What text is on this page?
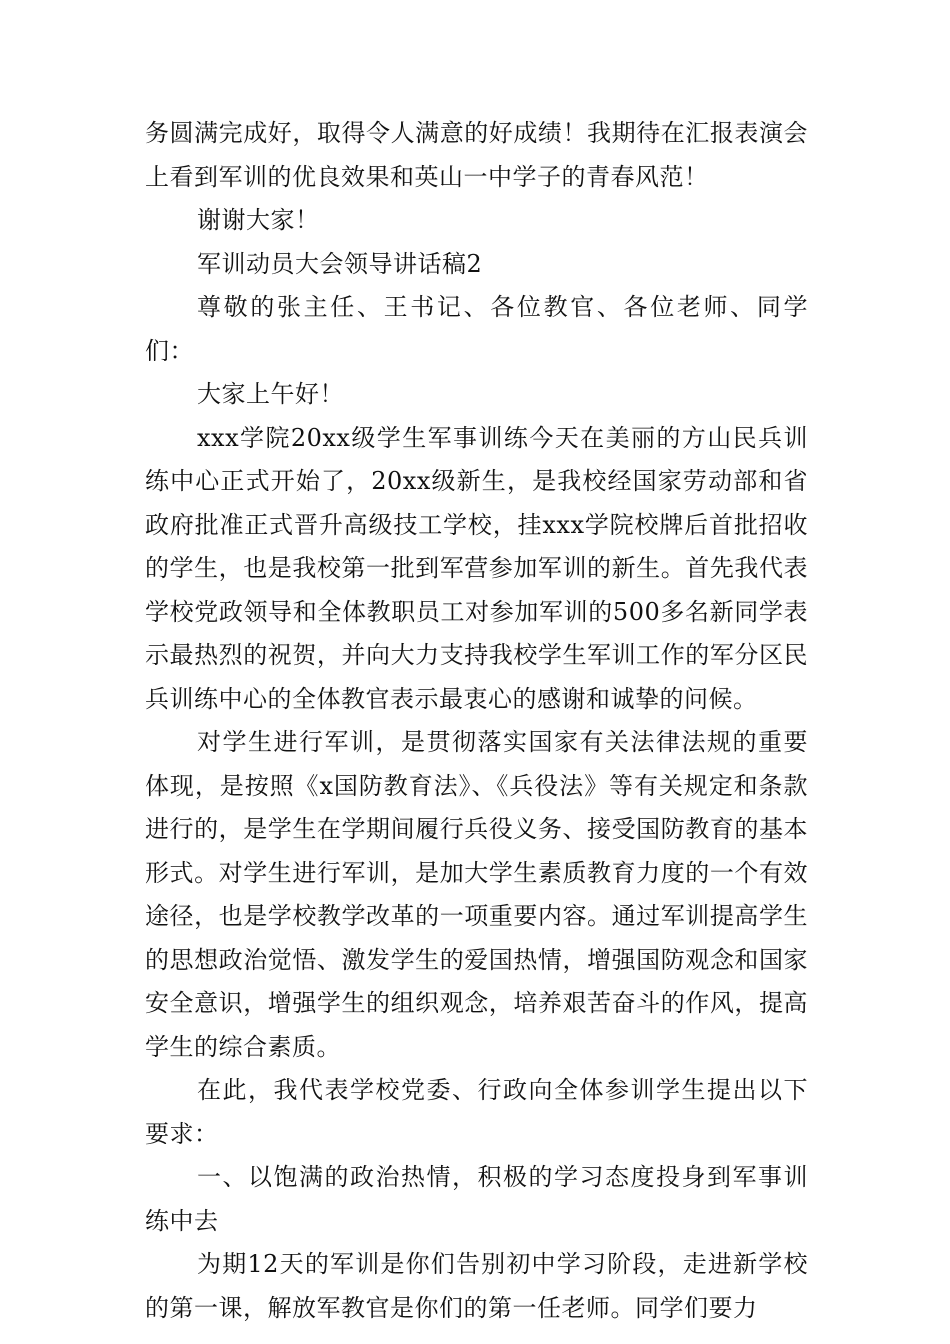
务圆满完成好，取得令人满意的好成绩！我期待在汇报表演会上看到军训的优良效果和英山一中学子的青春风范！

谢谢大家！

军训动员大会领导讲话稿2

尊敬的张主任、王书记、各位教官、各位老师、同学们：

大家上午好！

xxx学院20xx级学生军事训练今天在美丽的方山民兵训练中心正式开始了，20xx级新生，是我校经国家劳动部和省政府批准正式晋升高级技工学校，挂xxx学院校牌后首批招收的学生，也是我校第一批到军营参加军训的新生。首先我代表学校党政领导和全体教职员工对参加军训的500多名新同学表示最热烈的祝贺，并向大力支持我校学生军训工作的军分区民兵训练中心的全体教官表示最衷心的感谢和诚挚的问候。

对学生进行军训，是贯彻落实国家有关法律法规的重要体现，是按照《x国防教育法》、《兵役法》等有关规定和条款进行的，是学生在学期间履行兵役义务、接受国防教育的基本形式。对学生进行军训，是加大学生素质教育力度的一个有效途径，也是学校教学改革的一项重要内容。通过军训提高学生的思想政治觉悟、激发学生的爱国热情，增强国防观念和国家安全意识，增强学生的组织观念，培养艰苦奋斗的作风，提高学生的综合素质。

在此，我代表学校党委、行政向全体参训学生提出以下要求：

一、以饱满的政治热情，积极的学习态度投身到军事训练中去

为期12天的军训是你们告别初中学习阶段，走进新学校的第一课，解放军教官是你们的第一任老师。同学们要力
